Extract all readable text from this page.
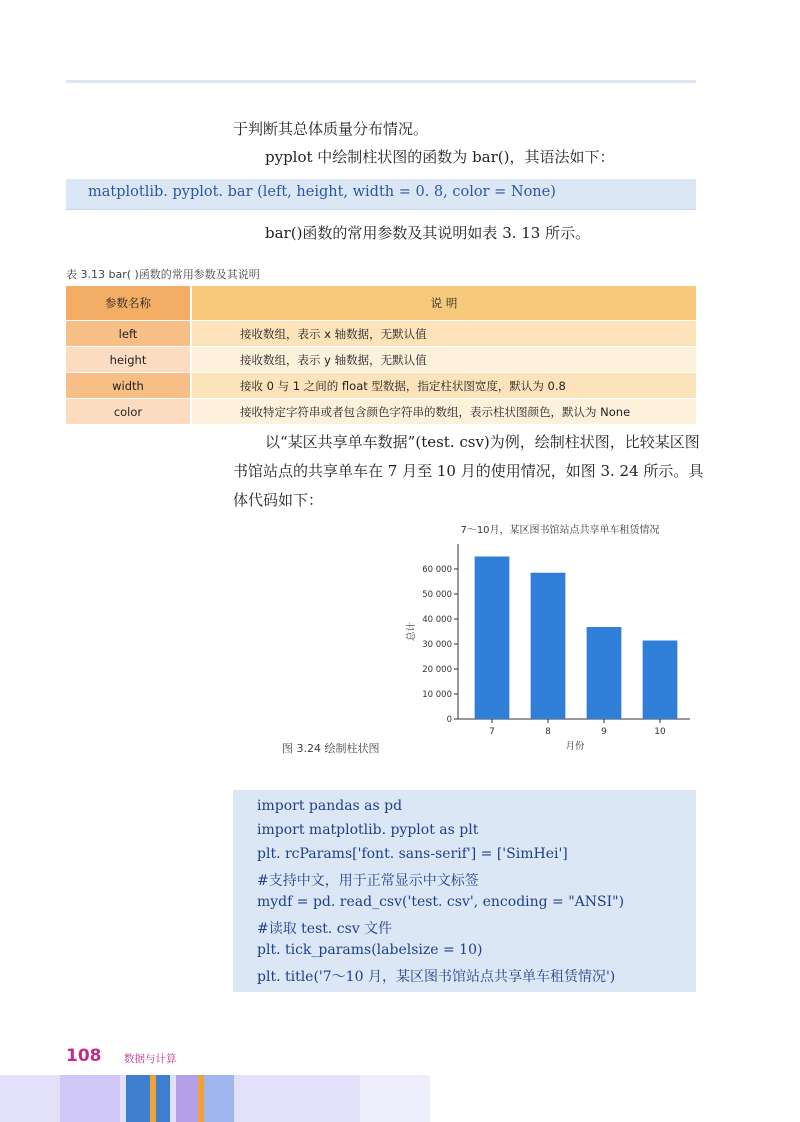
于判断其总体质量分布情况。
pyplot 中绘制柱状图的函数为 bar()，其语法如下：
matplotlib. pyplot. bar (left, height, width = 0. 8, color = None)
bar()函数的常用参数及其说明如表 3. 13 所示。
表 3.13 bar( )函数的常用参数及其说明
参数名称	说 明
left	接收数组，表示 x 轴数据，无默认值
height	接收数组，表示 y 轴数据，无默认值
width	接收 0 与 1 之间的 float 型数据，指定柱状图宽度，默认为 0.8
color	接收特定字符串或者包含颜色字符串的数组，表示柱状图颜色，默认为 None
以“某区共享单车数据”(test. csv)为例，绘制柱状图，比较某区图
书馆站点的共享单车在 7 月至 10 月的使用情况，如图 3. 24 所示。具
体代码如下：
7～10月，某区图书馆站点共享单车租赁情况
0
10 000
20 000
30 000
40 000
50 000
60 000
7	8	9	10
月份
总计
图 3.24 绘制柱状图
import pandas as pd
import matplotlib. pyplot as plt
plt. rcParams['font. sans-serif'] = ['SimHei']
#支持中文，用于正常显示中文标签
mydf = pd. read_csv('test. csv', encoding = "ANSI")
#读取 test. csv 文件
plt. tick_params(labelsize = 10)
plt. title('7～10 月，某区图书馆站点共享单车租赁情况')
108 数据与计算
